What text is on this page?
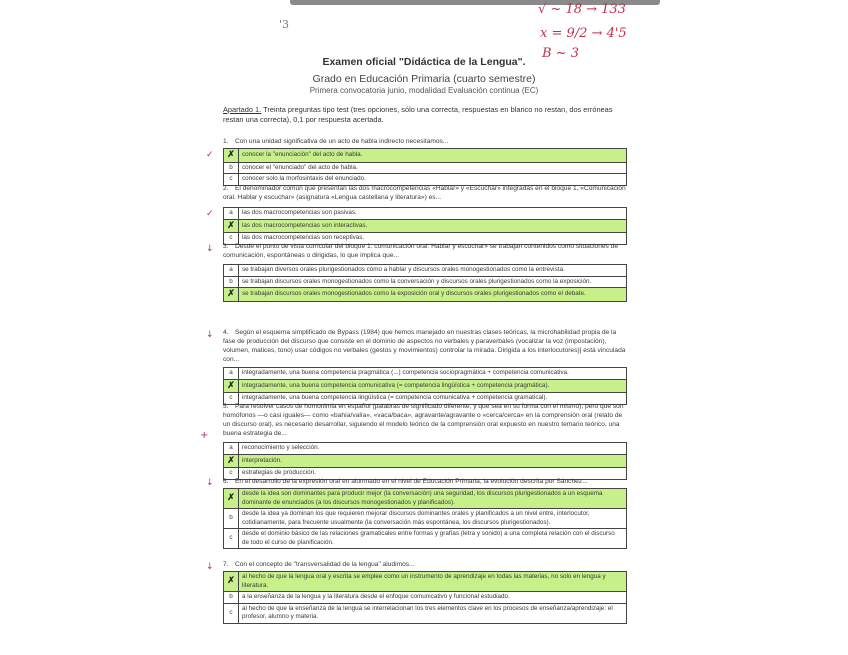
'3
√ ~ 18 → 133
x = 9/2 → 4'5
B ~ 3
Examen oficial "Didáctica de la Lengua".
Grado en Educación Primaria (cuarto semestre)
Primera convocatoria junio, modalidad Evaluación continua (EC)
Apartado 1. Treinta preguntas tipo test (tres opciones, sólo una correcta, respuestas en blanco no restan, dos erróneas restan una correcta), 0,1 por respuesta acertada.
1. Con una unidad significativa de un acto de habla indirecto necesitamos...
✗	conocer la "enunciación" del acto de habla.
b	conocer el "enunciado" del acto de habla.
c	conocer solo la morfosintaxis del enunciado.
2. El denominador común que presentan las dos macrocompetencias «Hablar» y «Escuchar» integradas en el bloque 1, «Comunicación oral. Hablar y escuchar» (asignatura «Lengua castellana y literatura») es...
a	las dos macrocompetencias son pasivas.
✗	las dos macrocompetencias son interactivas.
c	las dos macrocompetencias son receptivas.
3. Desde el punto de vista curricular del bloque 1: comunicación oral. Hablar y escuchar» se trabajan contenidos como situaciones de comunicación, espontáneas o dirigidas, lo que implica que...
a	se trabajan diversos orales plurigestionados como a hablar y discursos orales monogestionados como la entrevista.
b	se trabajan discursos orales monogestionados como la conversación y discursos orales plurigestionados como la exposición.
✗	se trabajan discursos orales monogestionados como la exposición oral y discursos orales plurigestionados como el debate.
4. Según el esquema simplificado de Bypass (1984) que hemos manejado en nuestras clases teóricas, la microhabilidad propia de la fase de producción del discurso que consiste en el dominio de aspectos no verbales y paraverbales (vocalizar la voz (impostación), volumen, matices, tono) usar códigos no verbales (gestos y movimientos) controlar la mirada. Dirigida a los interlocutores)] está vinculada con...
a	integradamente, una buena competencia pragmática (...) competencia sociopragmática + competencia comunicativa.
✗	integradamente, una buena competencia comunicativa (= competencia lingüística + competencia pragmática).
c	integradamente, una buena competencia lingüística (= competencia comunicativa + competencia gramatical).
5. Para resolver casos de homonimia en español (palabras de significado diferente, y que sea en su forma con el mismo), pero que son homófonos —o casi iguales— como «bahía/valía», «vaca/baca», agravante/agravante o «cerca/cerca» en la comprensión oral (relato de un discurso oral), es necesario desarrollar, siguiendo el modelo teórico de la comprensión oral expuesto en nuestro temario teórico, una buena estrategia de...
a	reconocimiento y selección.
✗	interpretación.
c	estrategias de producción.
6. En el desarrollo de la expresión oral en alumnado en el nivel de Educación Primaria, la evolución descrita por Sánchez...
✗	desde la idea son dominantes para producir mejor (la conversación) una seguridad, los discursos plurigestionados a un esquema dominante de enunciados (a los discursos monogestionados y planificados).
b	desde la idea ya dominan los que requieren mejorar discursos dominantes orales y planificados a un nivel entre, interlocutor, cotidianamente, para frecuente usualmente (la conversación más espontánea, los discursos plurigestionados).
c	desde el dominio básico de las relaciones gramaticales entre formas y grafías (letra y sonido) a una completa relación con el discurso de todo el curso de planificación.
7. Con el concepto de "transversalidad de la lengua" aludimos...
✗	al hecho de que la lengua oral y escrita se emplee como un instrumento de aprendizaje en todas las materias, no solo en lengua y literatura.
b	a la enseñanza de la lengua y la literatura desde el enfoque comunicativo y funcional estudiado.
c	al hecho de que la enseñanza de la lengua se interrelacionan los tres elementos clave en los procesos de enseñanza/aprendizaje: el profesor, alumno y materia.
✓
✓
↓
↓
+
↓
↓
